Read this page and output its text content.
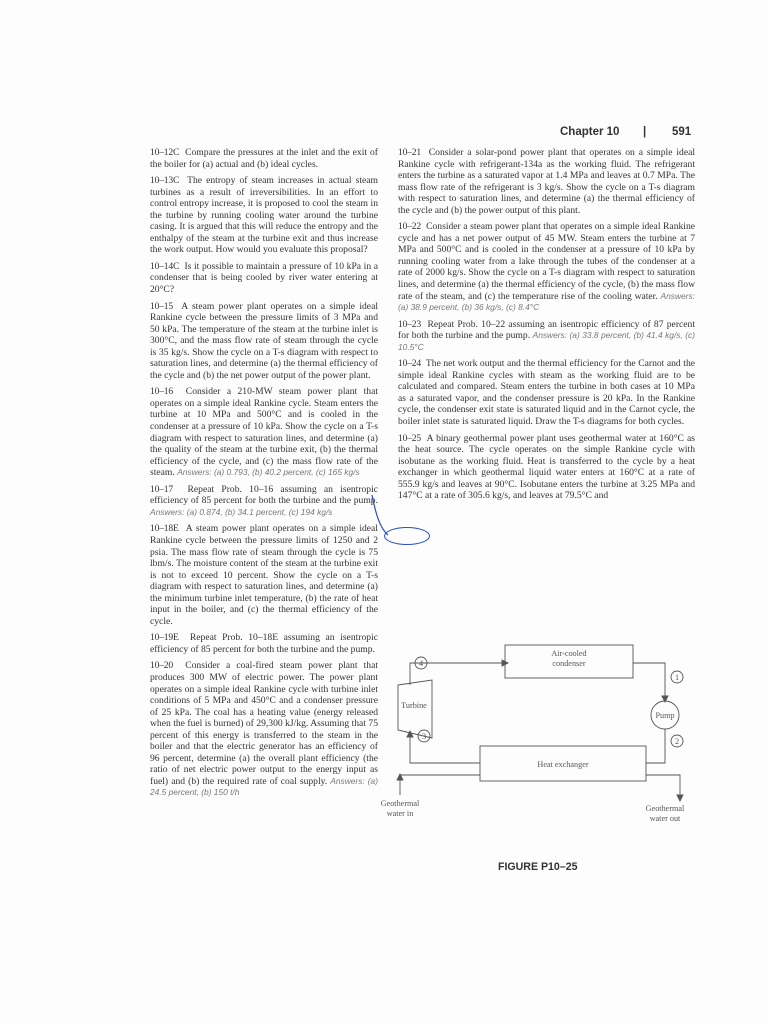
Chapter 10 | 591

10–12C Compare the pressures at the inlet and the exit of the boiler for (a) actual and (b) ideal cycles.

10–13C The entropy of steam increases in actual steam turbines as a result of irreversibilities. In an effort to control entropy increase, it is proposed to cool the steam in the turbine by running cooling water around the turbine casing. It is argued that this will reduce the entropy and the enthalpy of the steam at the turbine exit and thus increase the work output. How would you evaluate this proposal?

10–14C Is it possible to maintain a pressure of 10 kPa in a condenser that is being cooled by river water entering at 20°C?

10–15 A steam power plant operates on a simple ideal Rankine cycle between the pressure limits of 3 MPa and 50 kPa. The temperature of the steam at the turbine inlet is 300°C, and the mass flow rate of steam through the cycle is 35 kg/s. Show the cycle on a T-s diagram with respect to saturation lines, and determine (a) the thermal efficiency of the cycle and (b) the net power output of the power plant.

10–16 Consider a 210-MW steam power plant that operates on a simple ideal Rankine cycle. Steam enters the turbine at 10 MPa and 500°C and is cooled in the condenser at a pressure of 10 kPa. Show the cycle on a T-s diagram with respect to saturation lines, and determine (a) the quality of the steam at the turbine exit, (b) the thermal efficiency of the cycle, and (c) the mass flow rate of the steam. Answers: (a) 0.793, (b) 40.2 percent, (c) 165 kg/s

10–17 Repeat Prob. 10–16 assuming an isentropic efficiency of 85 percent for both the turbine and the pump. Answers: (a) 0.874, (b) 34.1 percent, (c) 194 kg/s

10–18E A steam power plant operates on a simple ideal Rankine cycle between the pressure limits of 1250 and 2 psia. The mass flow rate of steam through the cycle is 75 lbm/s. The moisture content of the steam at the turbine exit is not to exceed 10 percent. Show the cycle on a T-s diagram with respect to saturation lines, and determine (a) the minimum turbine inlet temperature, (b) the rate of heat input in the boiler, and (c) the thermal efficiency of the cycle.

10–19E Repeat Prob. 10–18E assuming an isentropic efficiency of 85 percent for both the turbine and the pump.

10–20 Consider a coal-fired steam power plant that produces 300 MW of electric power. The power plant operates on a simple ideal Rankine cycle with turbine inlet conditions of 5 MPa and 450°C and a condenser pressure of 25 kPa. The coal has a heating value (energy released when the fuel is burned) of 29,300 kJ/kg. Assuming that 75 percent of this energy is transferred to the steam in the boiler and that the electric generator has an efficiency of 96 percent, determine (a) the overall plant efficiency (the ratio of net electric power output to the energy input as fuel) and (b) the required rate of coal supply. Answers: (a) 24.5 percent, (b) 150 t/h

10–21 Consider a solar-pond power plant that operates on a simple ideal Rankine cycle with refrigerant-134a as the working fluid. The refrigerant enters the turbine as a saturated vapor at 1.4 MPa and leaves at 0.7 MPa. The mass flow rate of the refrigerant is 3 kg/s. Show the cycle on a T-s diagram with respect to saturation lines, and determine (a) the thermal efficiency of the cycle and (b) the power output of this plant.

10–22 Consider a steam power plant that operates on a simple ideal Rankine cycle and has a net power output of 45 MW. Steam enters the turbine at 7 MPa and 500°C and is cooled in the condenser at a pressure of 10 kPa by running cooling water from a lake through the tubes of the condenser at a rate of 2000 kg/s. Show the cycle on a T-s diagram with respect to saturation lines, and determine (a) the thermal efficiency of the cycle, (b) the mass flow rate of the steam, and (c) the temperature rise of the cooling water. Answers: (a) 38.9 percent, (b) 36 kg/s, (c) 8.4°C

10–23 Repeat Prob. 10–22 assuming an isentropic efficiency of 87 percent for both the turbine and the pump. Answers: (a) 33.8 percent, (b) 41.4 kg/s, (c) 10.5°C

10–24 The net work output and the thermal efficiency for the Carnot and the simple ideal Rankine cycles with steam as the working fluid are to be calculated and compared. Steam enters the turbine in both cases at 10 MPa as a saturated vapor, and the condenser pressure is 20 kPa. In the Rankine cycle, the condenser exit state is saturated liquid and in the Carnot cycle, the boiler inlet state is saturated liquid. Draw the T-s diagrams for both cycles.

10–25 A binary geothermal power plant uses geothermal water at 160°C as the heat source. The cycle operates on the simple Rankine cycle with isobutane as the working fluid. Heat is transferred to the cycle by a heat exchanger in which geothermal liquid water enters at 160°C at a rate of 555.9 kg/s and leaves at 90°C. Isobutane enters the turbine at 3.25 MPa and 147°C at a rate of 305.6 kg/s, and leaves at 79.5°C and

Air-cooled
condenser
Turbine
Pump
Heat exchanger
4
1
2
3
Geothermal
water in
Geothermal
water out
FIGURE P10–25
